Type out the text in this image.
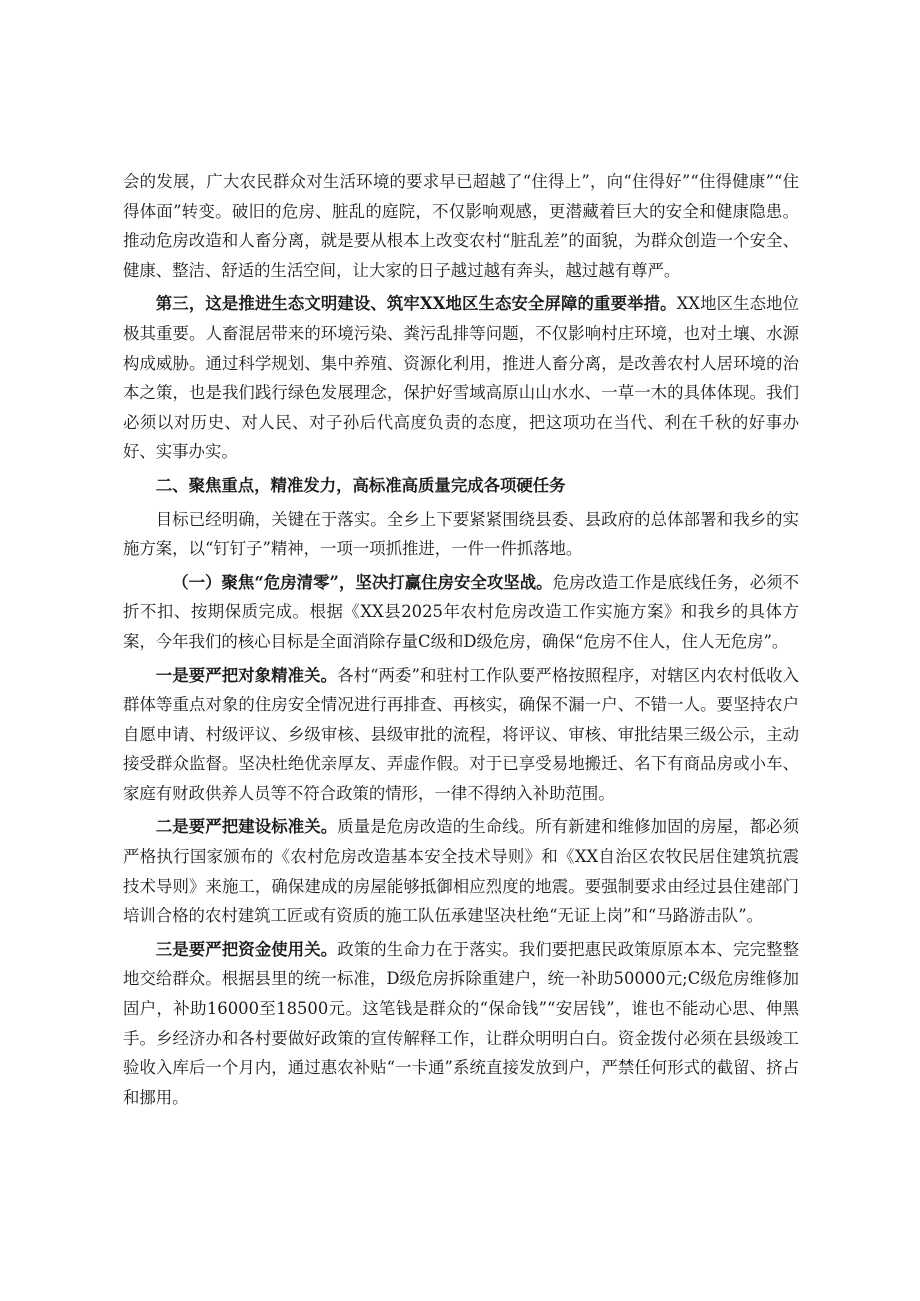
会的发展，广大农民群众对生活环境的要求早已超越了“住得上”，向“住得好”“住得健康”“住得体面”转变。破旧的危房、脏乱的庭院，不仅影响观感，更潜藏着巨大的安全和健康隐患。推动危房改造和人畜分离，就是要从根本上改变农村“脏乱差”的面貌，为群众创造一个安全、健康、整洁、舒适的生活空间，让大家的日子越过越有奔头，越过越有尊严。

第三，这是推进生态文明建设、筑牢XX地区生态安全屏障的重要举措。XX地区生态地位极其重要。人畜混居带来的环境污染、粪污乱排等问题，不仅影响村庄环境，也对土壤、水源构成威胁。通过科学规划、集中养殖、资源化利用，推进人畜分离，是改善农村人居环境的治本之策，也是我们践行绿色发展理念，保护好雪域高原山山水水、一草一木的具体体现。我们必须以对历史、对人民、对子孙后代高度负责的态度，把这项功在当代、利在千秋的好事办好、实事办实。

二、聚焦重点，精准发力，高标准高质量完成各项硬任务

目标已经明确，关键在于落实。全乡上下要紧紧围绕县委、县政府的总体部署和我乡的实施方案，以“钉钉子”精神，一项一项抓推进，一件一件抓落地。

（一）聚焦“危房清零”，坚决打赢住房安全攻坚战。危房改造工作是底线任务，必须不折不扣、按期保质完成。根据《XX县2025年农村危房改造工作实施方案》和我乡的具体方案，今年我们的核心目标是全面消除存量C级和D级危房，确保“危房不住人，住人无危房”。

一是要严把对象精准关。各村“两委”和驻村工作队要严格按照程序，对辖区内农村低收入群体等重点对象的住房安全情况进行再排查、再核实，确保不漏一户、不错一人。要坚持农户自愿申请、村级评议、乡级审核、县级审批的流程，将评议、审核、审批结果三级公示，主动接受群众监督。坚决杜绝优亲厚友、弄虚作假。对于已享受易地搬迁、名下有商品房或小车、家庭有财政供养人员等不符合政策的情形，一律不得纳入补助范围。

二是要严把建设标准关。质量是危房改造的生命线。所有新建和维修加固的房屋，都必须严格执行国家颁布的《农村危房改造基本安全技术导则》和《XX自治区农牧民居住建筑抗震技术导则》来施工，确保建成的房屋能够抵御相应烈度的地震。要强制要求由经过县住建部门培训合格的农村建筑工匠或有资质的施工队伍承建坚决杜绝“无证上岗”和“马路游击队”。

三是要严把资金使用关。政策的生命力在于落实。我们要把惠民政策原原本本、完完整整地交给群众。根据县里的统一标准，D级危房拆除重建户，统一补助50000元;C级危房维修加固户，补助16000至18500元。这笔钱是群众的“保命钱”“安居钱”，谁也不能动心思、伸黑手。乡经济办和各村要做好政策的宣传解释工作，让群众明明白白。资金拨付必须在县级竣工验收入库后一个月内，通过惠农补贴“一卡通”系统直接发放到户，严禁任何形式的截留、挤占和挪用。
